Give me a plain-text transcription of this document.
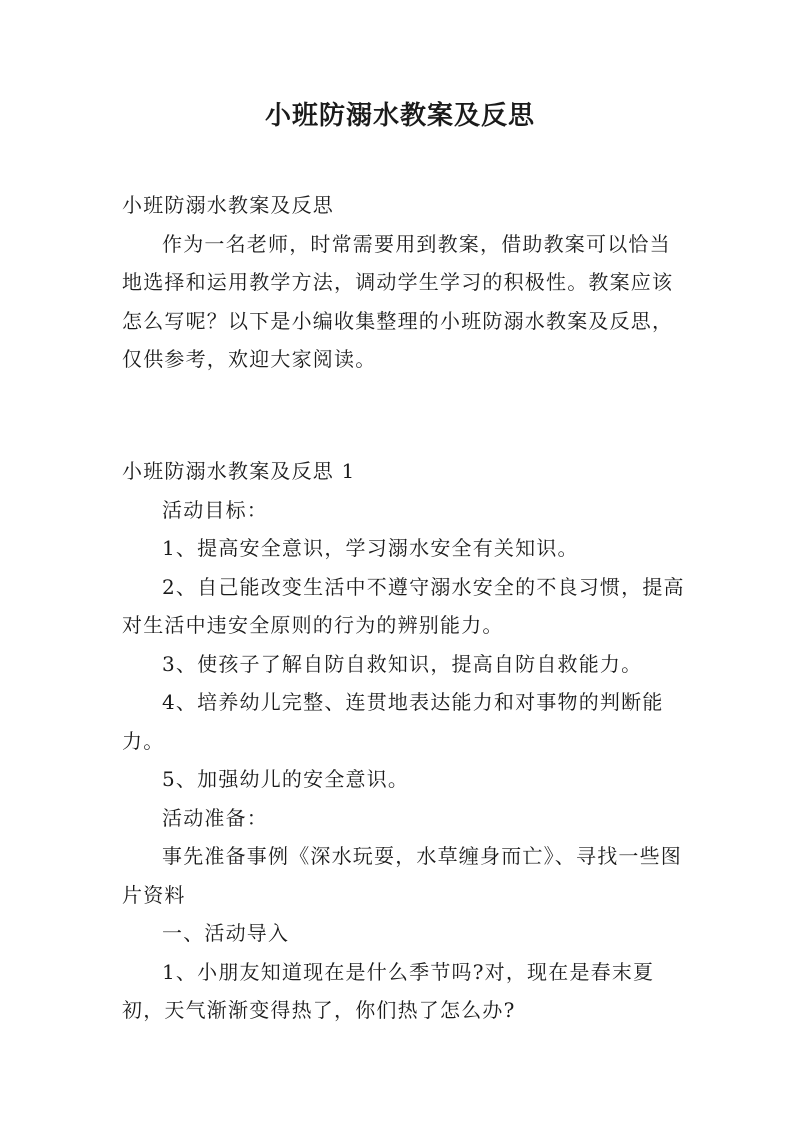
小班防溺水教案及反思

小班防溺水教案及反思

作为一名老师，时常需要用到教案，借助教案可以恰当地选择和运用教学方法，调动学生学习的积极性。教案应该怎么写呢？以下是小编收集整理的小班防溺水教案及反思，仅供参考，欢迎大家阅读。

小班防溺水教案及反思 1

活动目标：

1、提高安全意识，学习溺水安全有关知识。

2、自己能改变生活中不遵守溺水安全的不良习惯，提高对生活中违安全原则的行为的辨别能力。

3、使孩子了解自防自救知识，提高自防自救能力。

4、培养幼儿完整、连贯地表达能力和对事物的判断能力。

5、加强幼儿的安全意识。

活动准备：

事先准备事例《深水玩耍，水草缠身而亡》、寻找一些图片资料

一、活动导入

1、小朋友知道现在是什么季节吗?对，现在是春末夏初，天气渐渐变得热了，你们热了怎么办?
